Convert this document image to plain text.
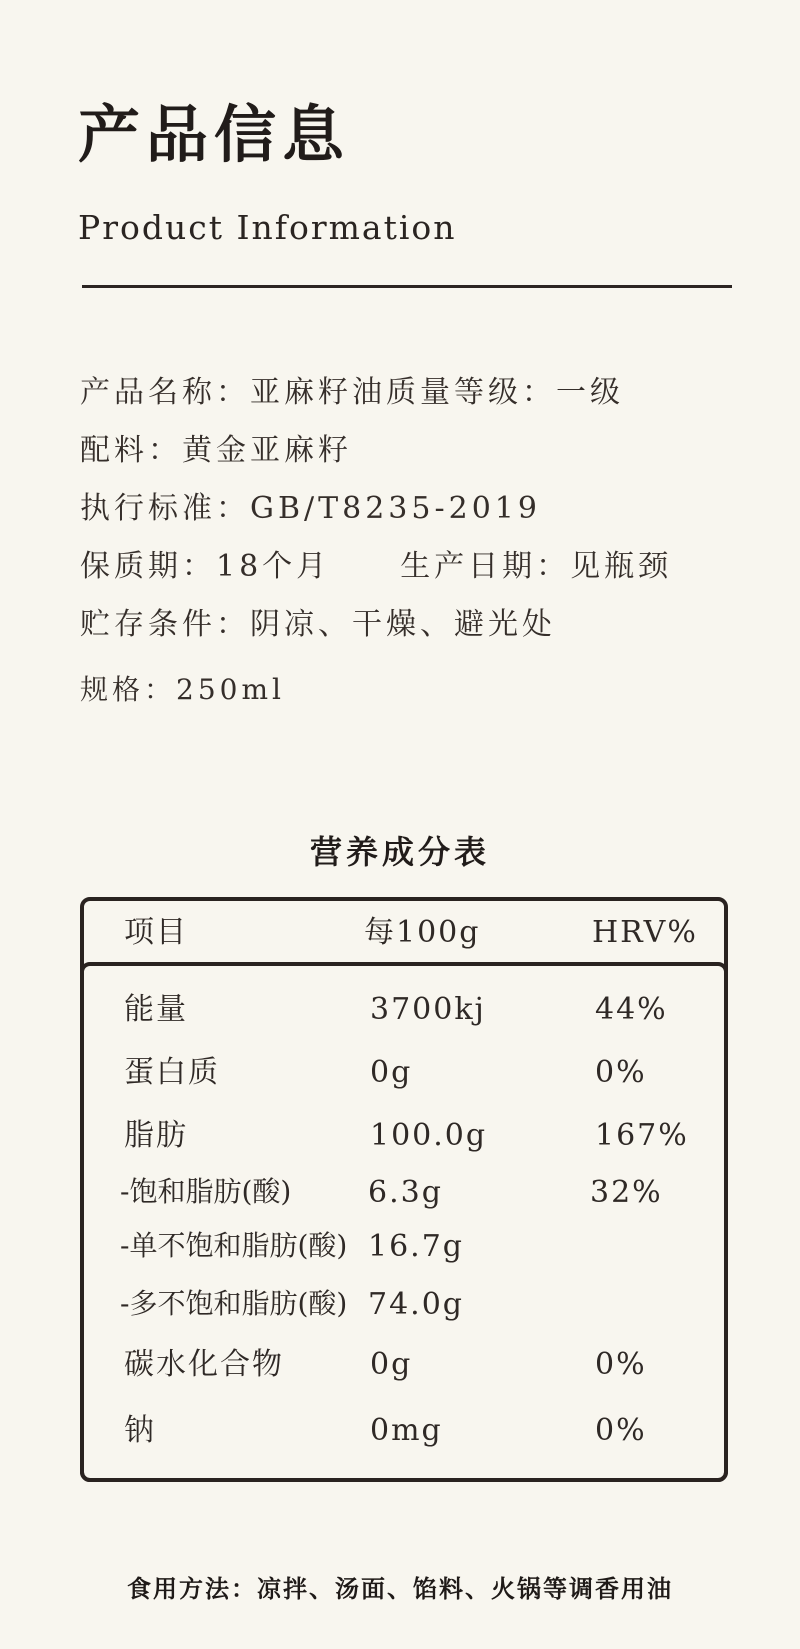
产品信息
Product Information

产品名称：亚麻籽油质量等级：一级

配料：黄金亚麻籽

执行标准：GB/T8235-2019

保质期：18个月 生产日期：见瓶颈

贮存条件：阴凉、干燥、避光处

规格：250ml

营养成分表
项目	每100g	HRV%
能量	3700kj	44%
蛋白质	0g	0%
脂肪	100.0g	167%
-饱和脂肪(酸)	6.3g	32%
-单不饱和脂肪(酸) 16.7g
-多不饱和脂肪(酸) 74.0g
碳水化合物	0g	0%
钠	0mg	0%
食用方法：凉拌、汤面、馅料、火锅等调香用油
